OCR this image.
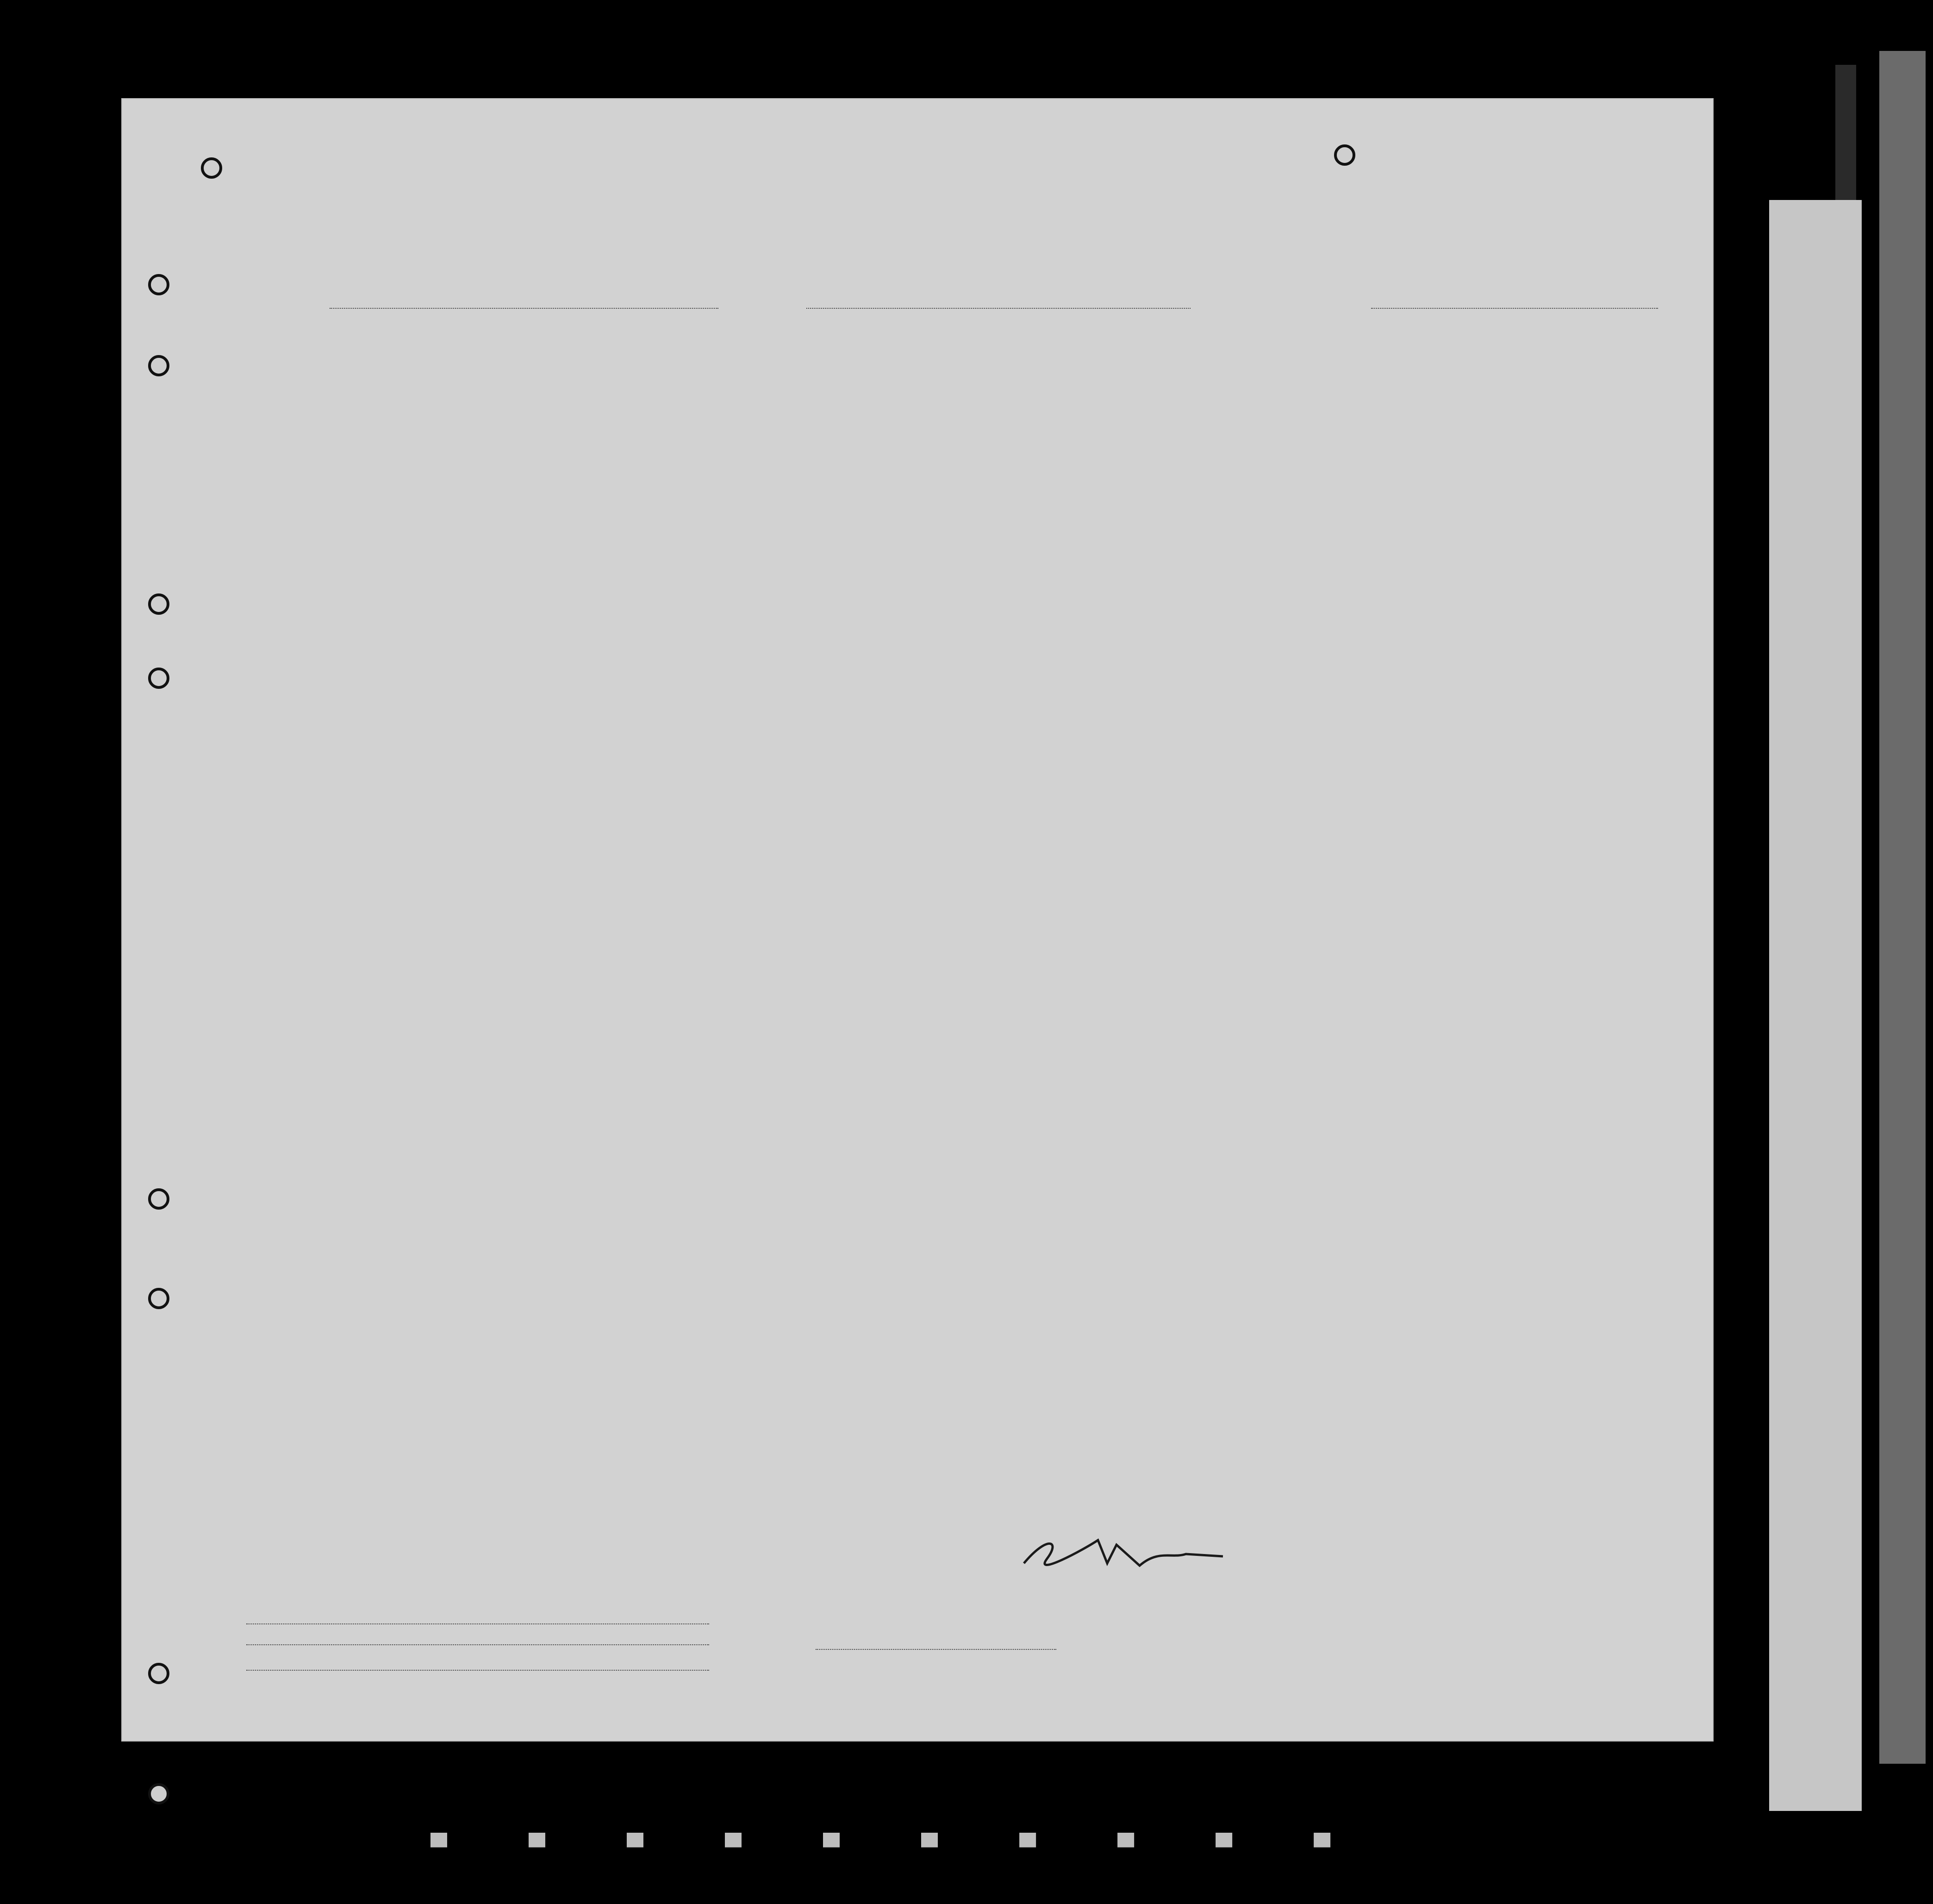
▀ ▀ ▀ ▀ ▀ ▀ ▀ ▀ ▀ ▀
